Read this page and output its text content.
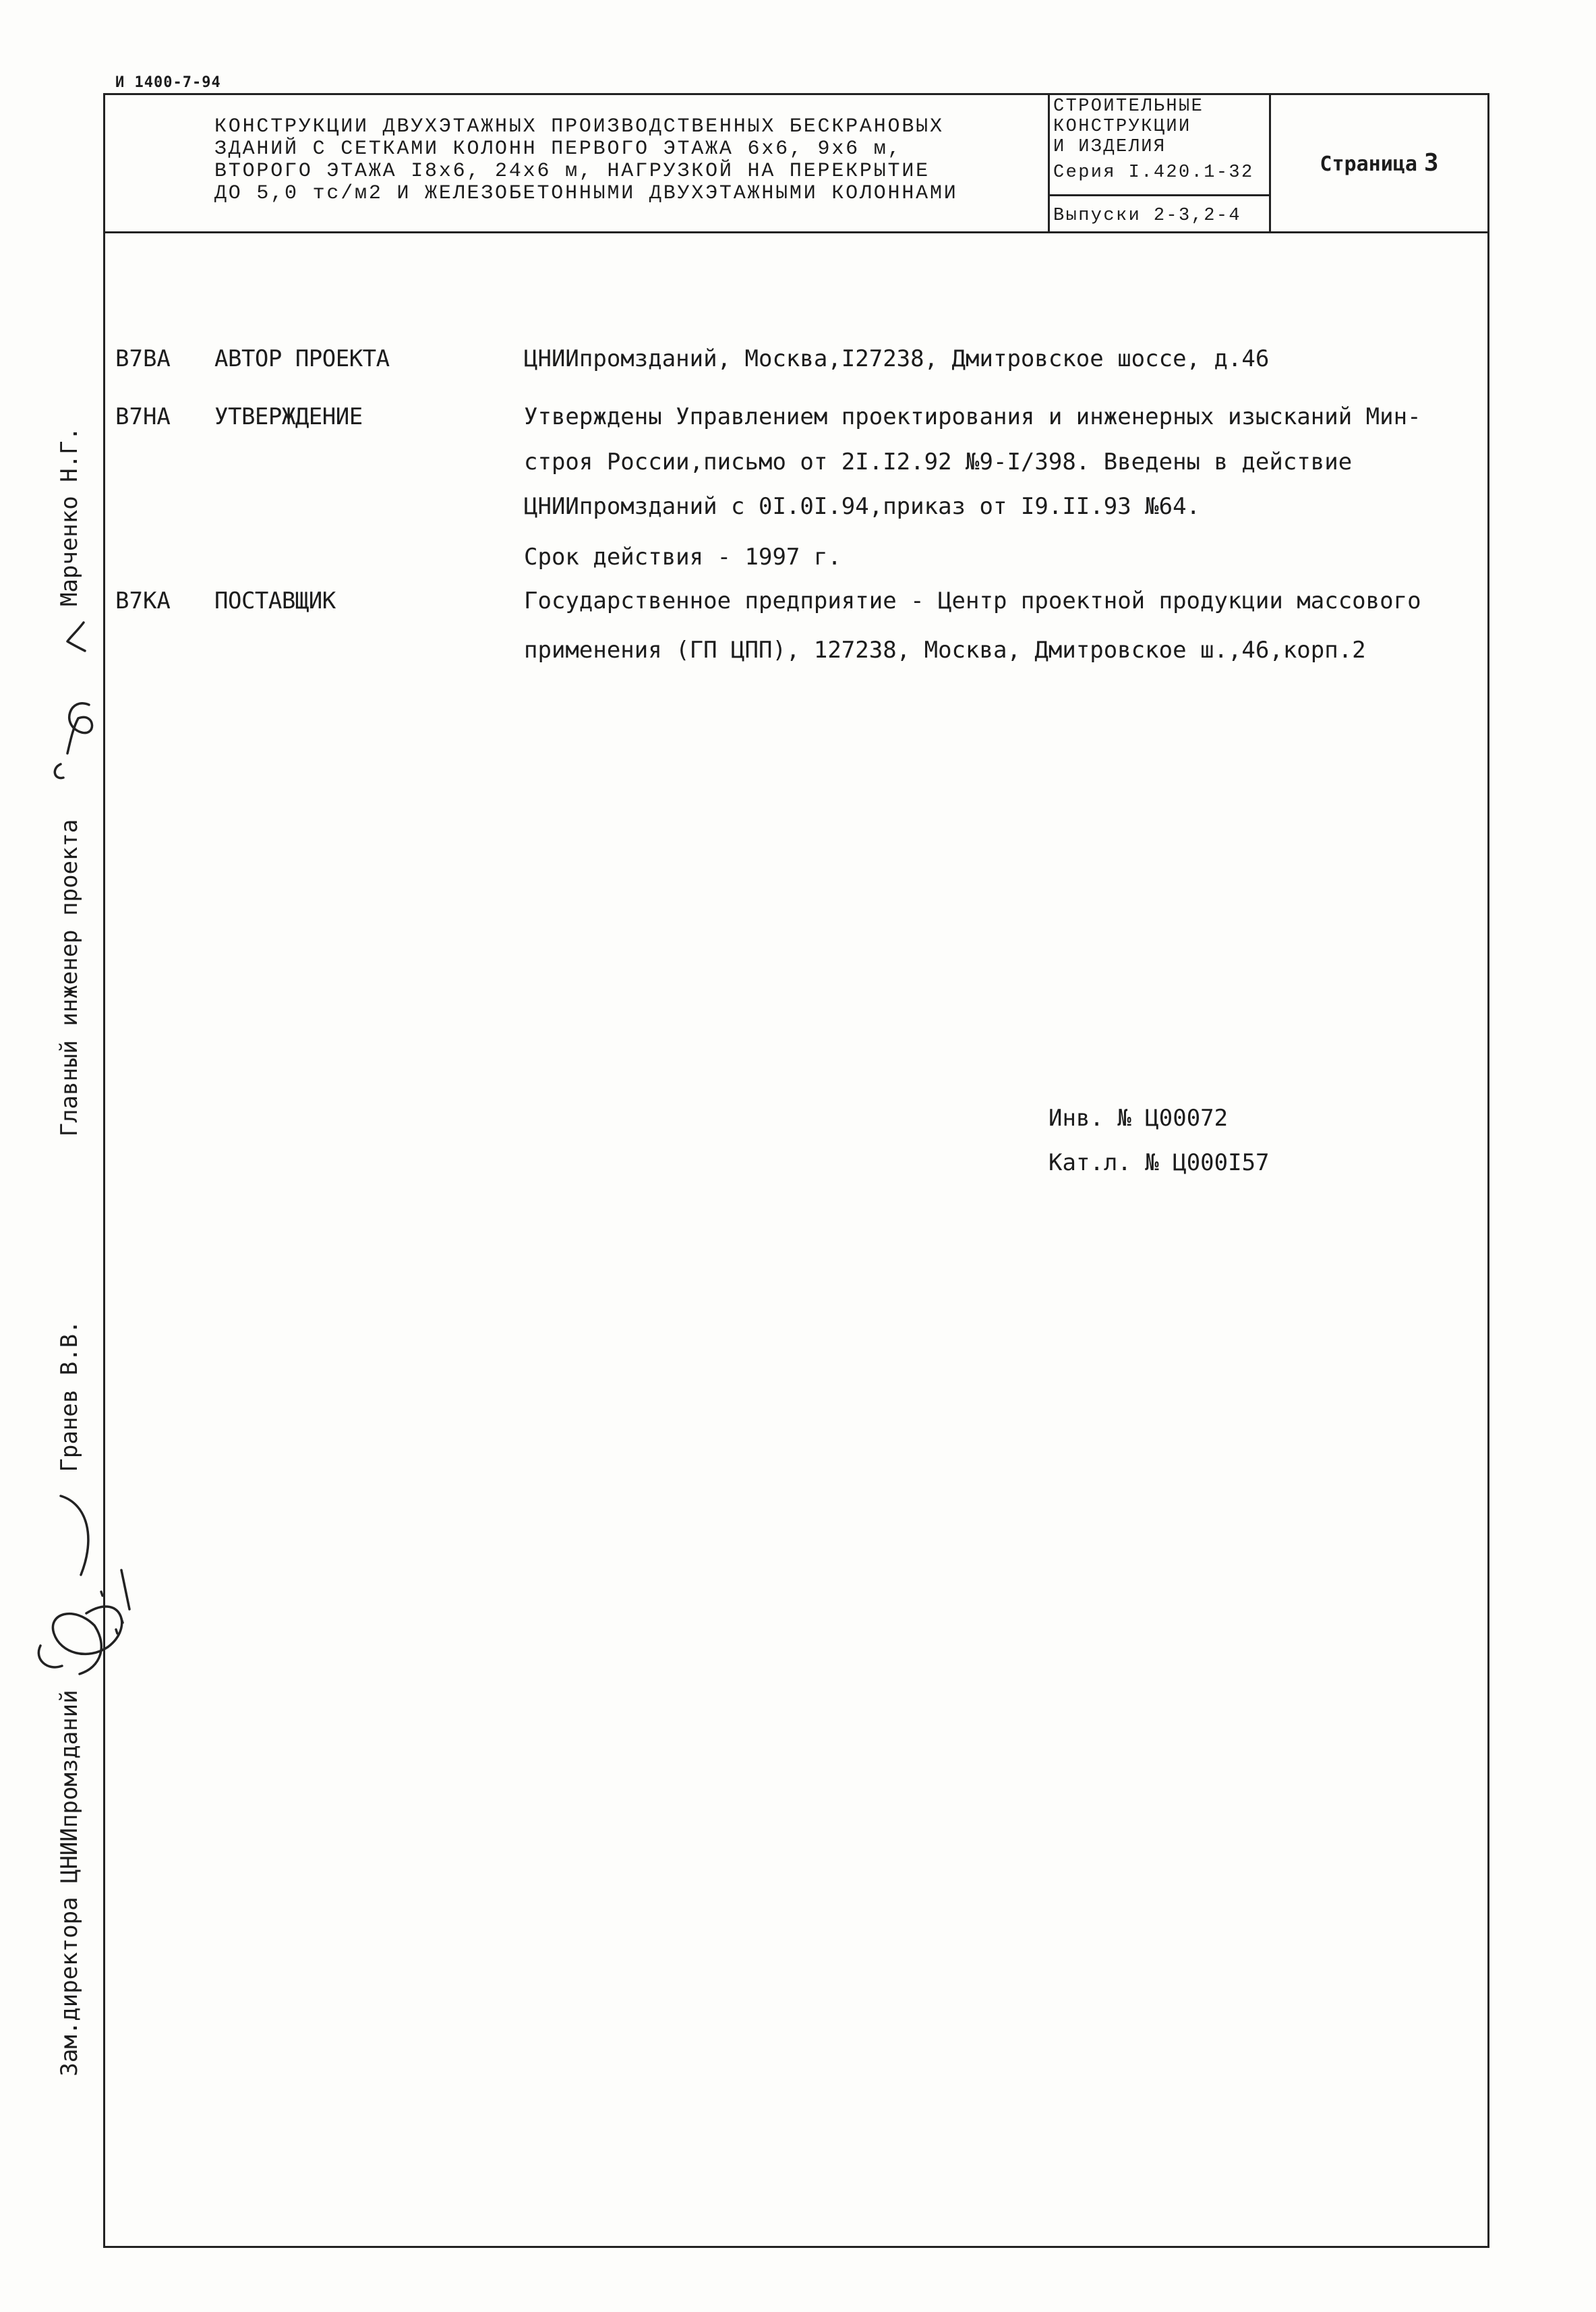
И 1400-7-94
КОНСТРУКЦИИ ДВУХЭТАЖНЫХ ПРОИЗВОДСТВЕННЫХ БЕСКРАНОВЫХ
ЗДАНИЙ С СЕТКАМИ КОЛОНН ПЕРВОГО ЭТАЖА 6х6, 9х6 м,
ВТОРОГО ЭТАЖА I8х6, 24х6 м, НАГРУЗКОЙ НА ПЕРЕКРЫТИЕ
ДО 5,0 тс/м2 И ЖЕЛЕЗОБЕТОННЫМИ ДВУХЭТАЖНЫМИ КОЛОННАМИ
СТРОИТЕЛЬНЫЕ
КОНСТРУКЦИИ
И ИЗДЕЛИЯ
Серия I.420.1-32
Выпуски 2-3,2-4
Страница 3
В7ВА АВТОР ПРОЕКТА	ЦНИИпромзданий, Москва,I27238, Дмитровское шоссе, д.46
В7НА УТВЕРЖДЕНИЕ	Утверждены Управлением проектирования и инженерных изысканий Мин-
строя России,письмо от 2I.I2.92 №9-I/398. Введены в действие
ЦНИИпромзданий с 0I.0I.94,приказ от I9.II.93 №64.
Срок действия - 1997 г.
В7КА ПОСТАВЩИК	Государственное предприятие - Центр проектной продукции массового
применения (ГП ЦПП), 127238, Москва, Дмитровское ш.,46,корп.2
Инв. № Ц00072
Кат.л. № Ц000I57
Марченко Н.Г.
Главный инженер проекта
Гранев В.В.
Зам.директора ЦНИИпромзданий
